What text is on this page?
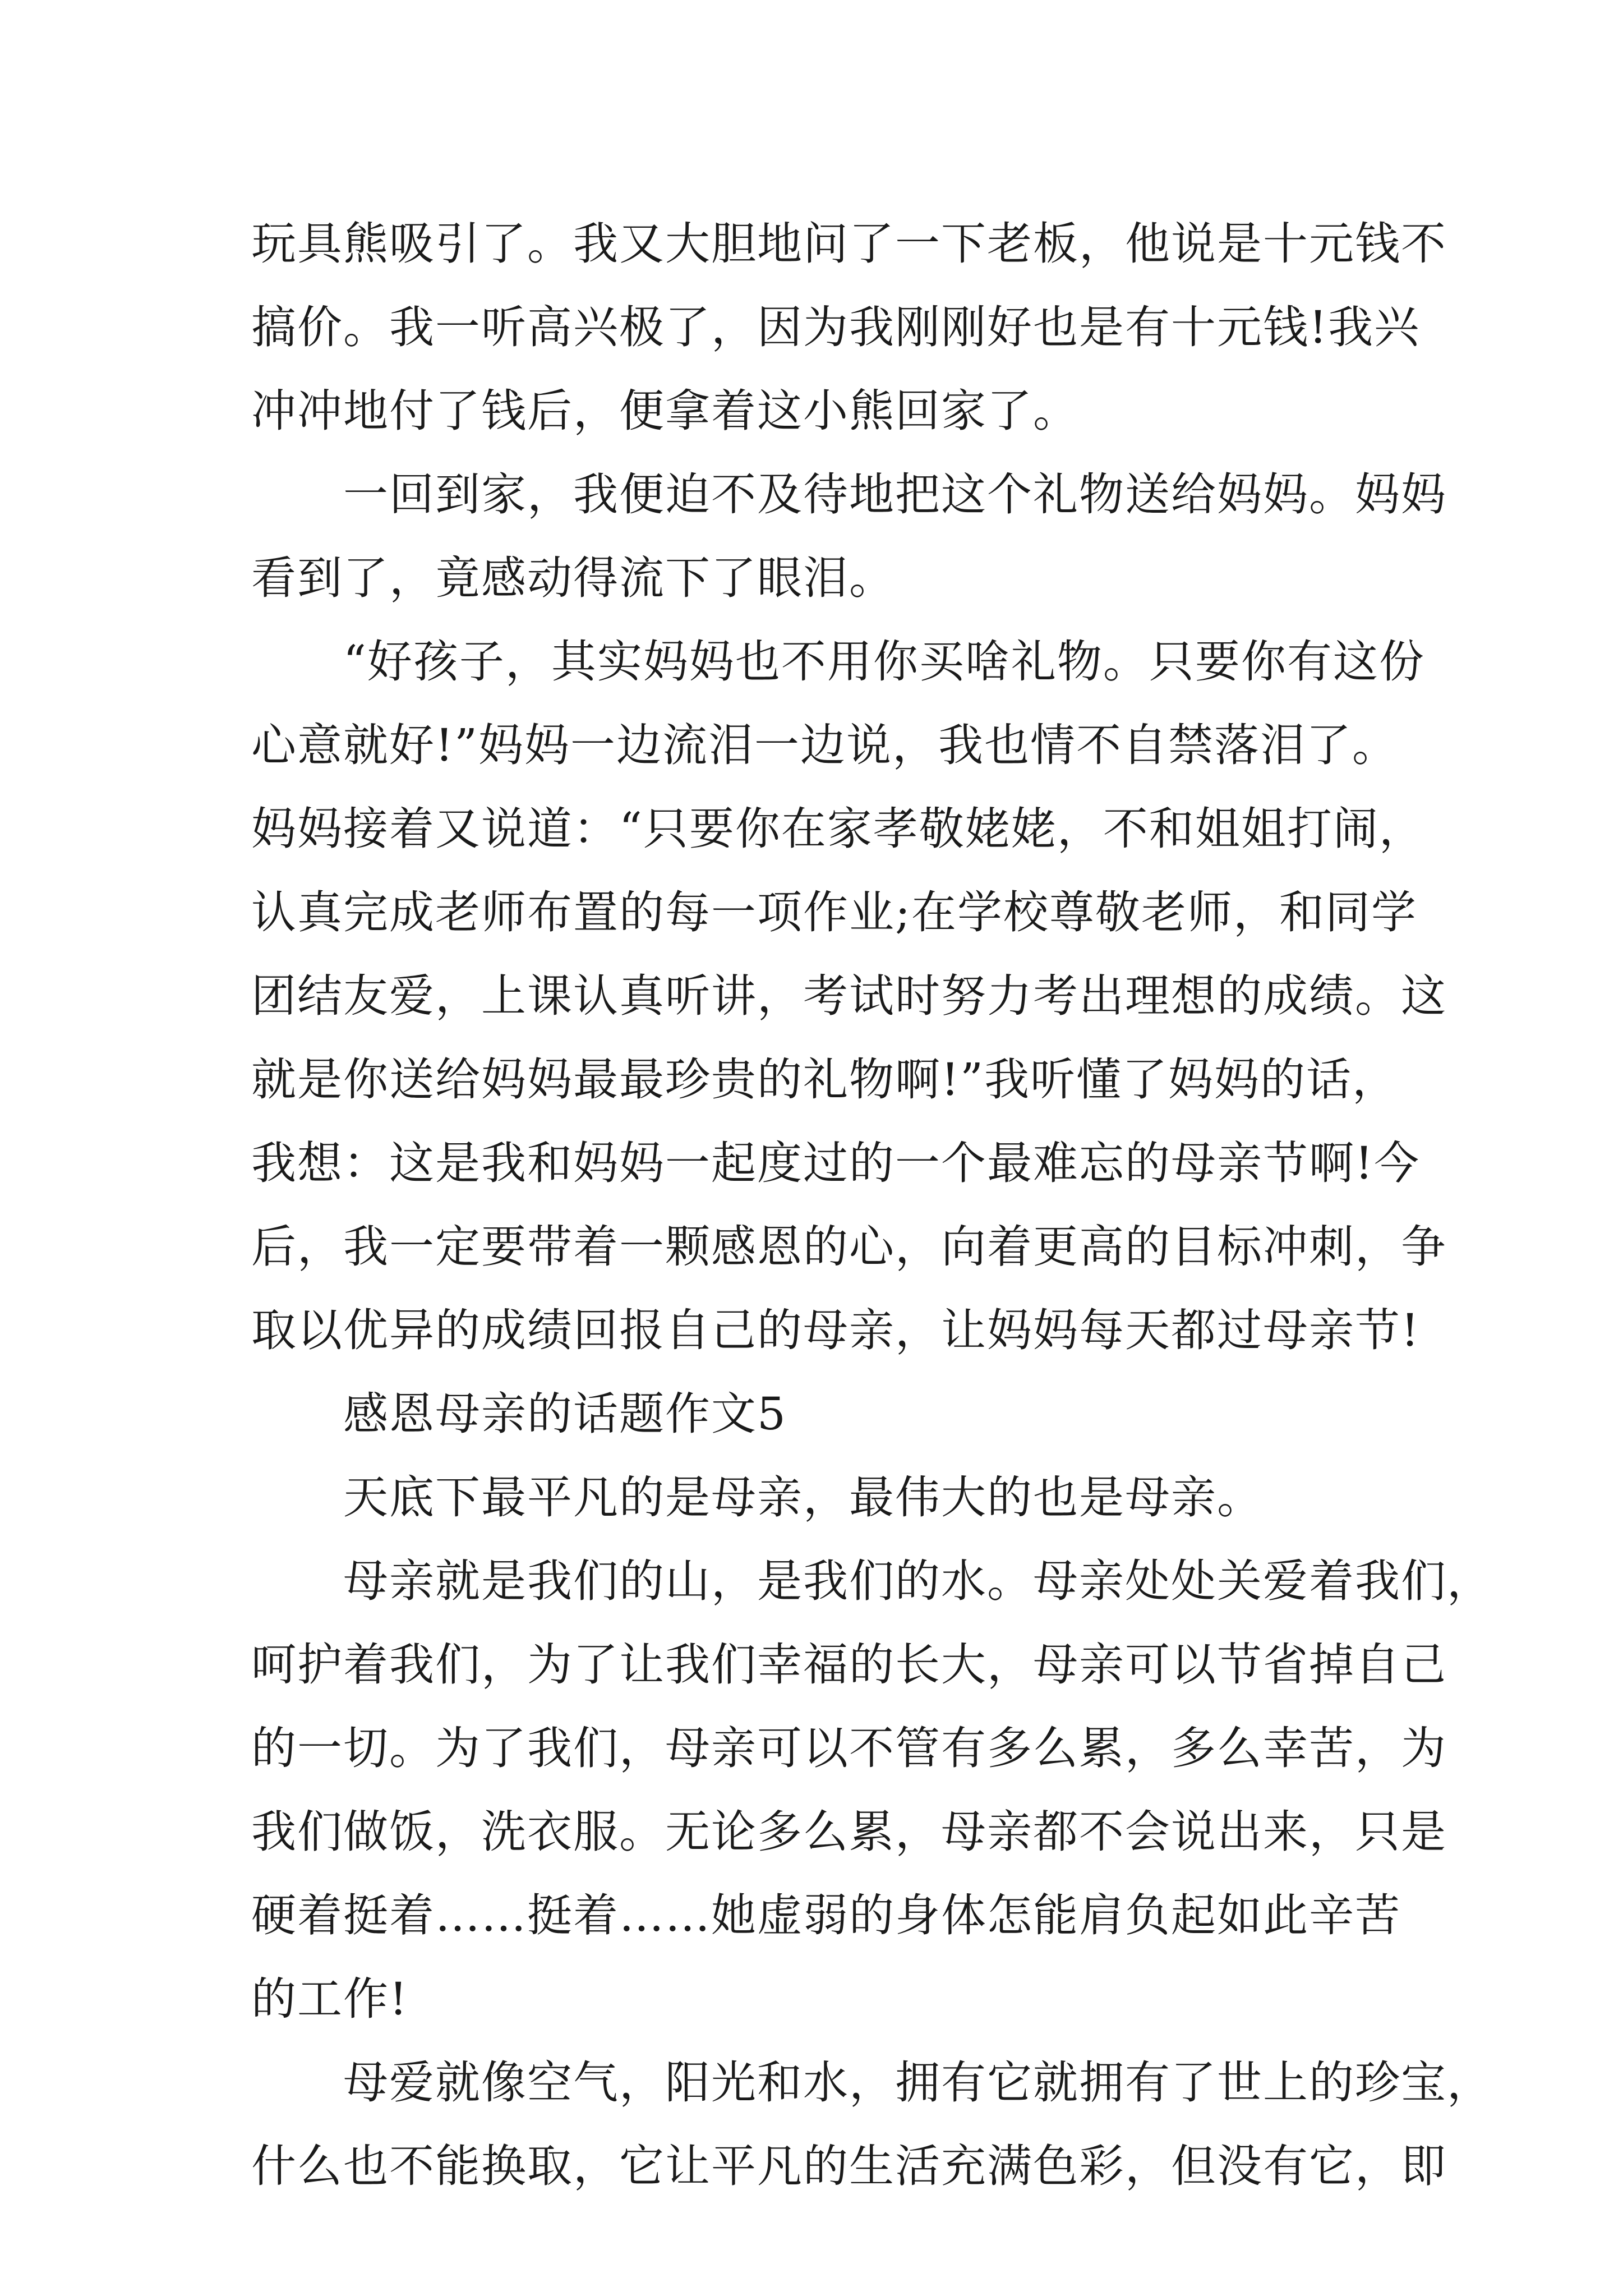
玩具熊吸引了。我又大胆地问了一下老板，他说是十元钱不
搞价。我一听高兴极了，因为我刚刚好也是有十元钱!我兴
冲冲地付了钱后，便拿着这小熊回家了。
一回到家，我便迫不及待地把这个礼物送给妈妈。妈妈
看到了，竟感动得流下了眼泪。
“好孩子，其实妈妈也不用你买啥礼物。只要你有这份
心意就好!”妈妈一边流泪一边说，我也情不自禁落泪了。
妈妈接着又说道：“只要你在家孝敬姥姥，不和姐姐打闹，
认真完成老师布置的每一项作业;在学校尊敬老师，和同学
团结友爱，上课认真听讲，考试时努力考出理想的成绩。这
就是你送给妈妈最最珍贵的礼物啊!”我听懂了妈妈的话，
我想：这是我和妈妈一起度过的一个最难忘的母亲节啊!今
后，我一定要带着一颗感恩的心，向着更高的目标冲刺，争
取以优异的成绩回报自己的母亲，让妈妈每天都过母亲节!
感恩母亲的话题作文5
天底下最平凡的是母亲，最伟大的也是母亲。
母亲就是我们的山，是我们的水。母亲处处关爱着我们，
呵护着我们，为了让我们幸福的长大，母亲可以节省掉自己
的一切。为了我们，母亲可以不管有多么累，多么幸苦，为
我们做饭，洗衣服。无论多么累，母亲都不会说出来，只是
硬着挺着……挺着……她虚弱的身体怎能肩负起如此辛苦
的工作!
母爱就像空气，阳光和水，拥有它就拥有了世上的珍宝，
什么也不能换取，它让平凡的生活充满色彩，但没有它，即
